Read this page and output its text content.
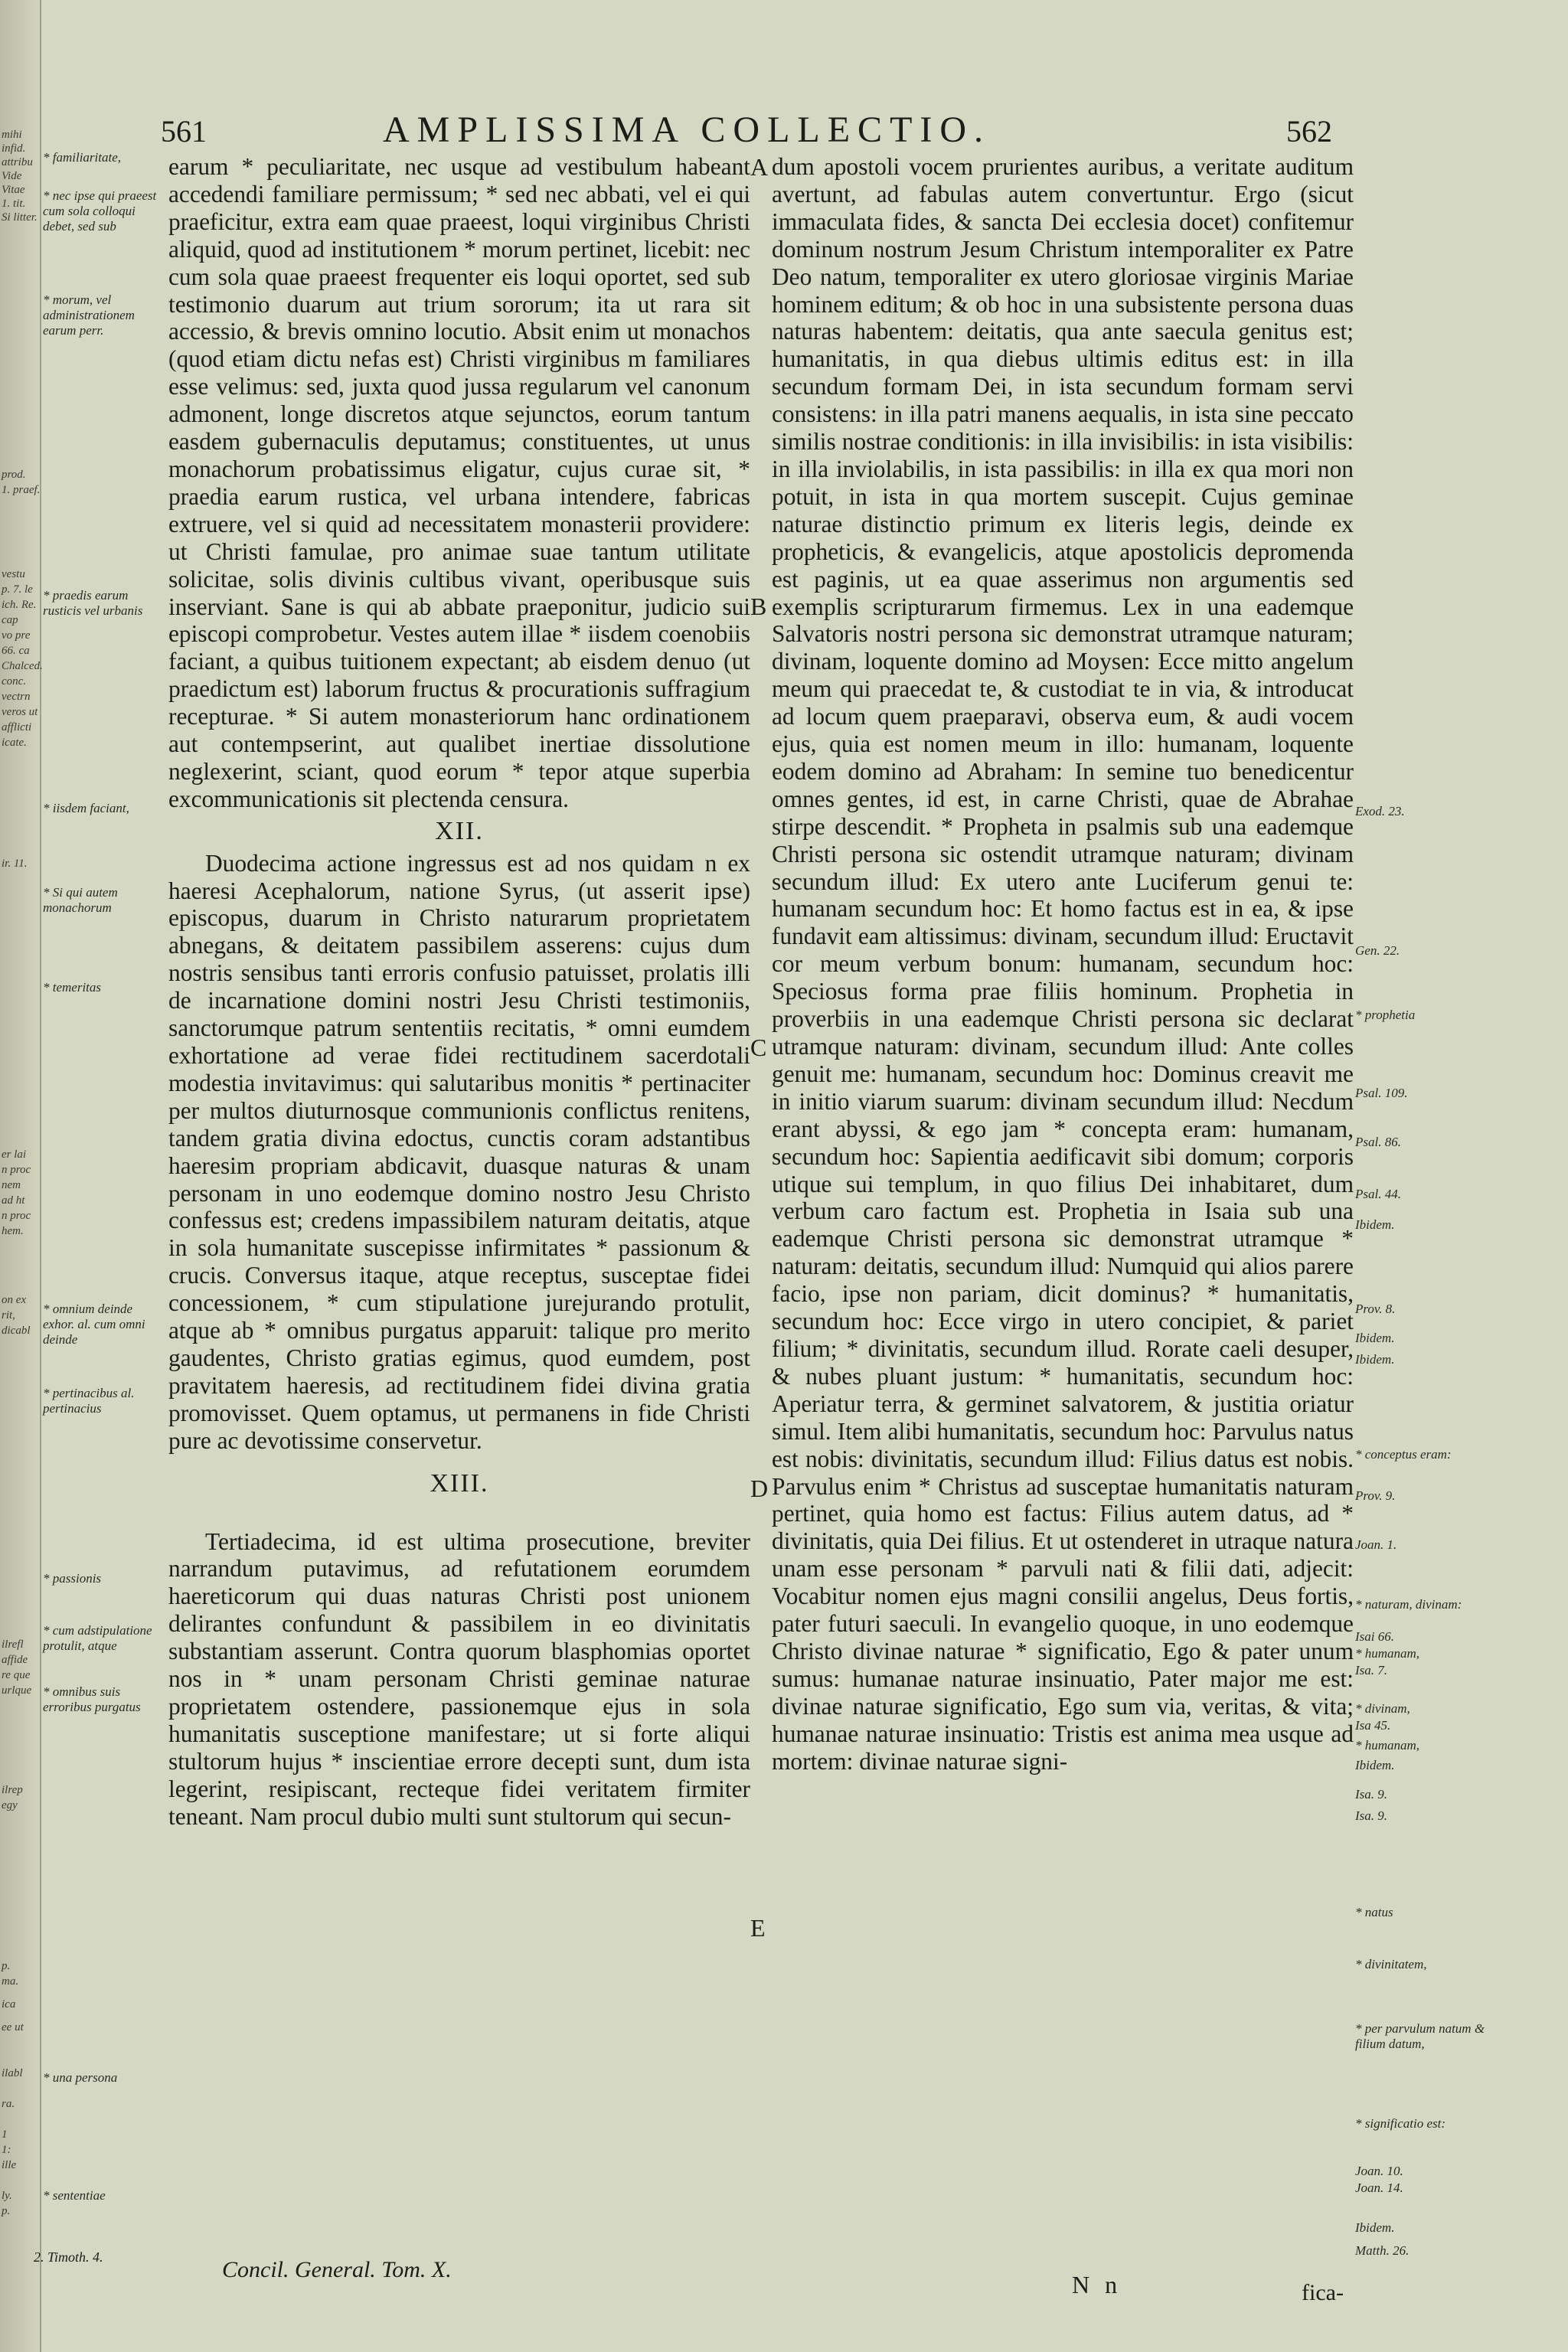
mihi
infid.
attribu
Vide
Vitae
1. tit.
Si litter.
prod.
1. praef.
vestu
p. 7. le
ich. Re.
cap
vo pre
66. ca
Chalced.
conc.
vectrn
veros ut
afflicti
icate.
ir. 11.
er lai
n proc
nem
ad ht
n proc
hem.
on ex
rit,
dicabl
ilrefl
affide
re que
urlque
ilrep
egy
p.
ma.
ica
ee ut
ilabl
ra.
1
1:
ille
ly.
p.
561	AMPLISSIMA COLLECTIO.	562
* familiaritate,
* nec ipse qui praeest cum sola colloqui debet, sed sub
* morum, vel administrationem earum perr.
* praedis earum rusticis vel urbanis
* iisdem faciant,
* Si qui autem monachorum
* temeritas
* omnium deinde exhor. al. cum omni deinde
* pertinacibus al. pertinacius
* passionis
* cum adstipulatione protulit, atque
* omnibus suis erroribus purgatus
* una persona
* sententiae
2. Timoth. 4.
A
B
C
D
E

earum * peculiaritate, nec usque ad vestibulum habeant accedendi familiare permissum; * sed nec abbati, vel ei qui praeficitur, extra eam quae praeest, loqui virginibus Christi aliquid, quod ad institutionem * morum pertinet, licebit: nec cum sola quae praeest frequenter eis loqui oportet, sed sub testimonio duarum aut trium sororum; ita ut rara sit accessio, & brevis omnino locutio. Absit enim ut monachos (quod etiam dictu nefas est) Christi virginibus m familiares esse velimus: sed, juxta quod jussa regularum vel canonum admonent, longe discretos atque sejunctos, eorum tantum easdem gubernaculis deputamus; constituentes, ut unus monachorum probatissimus eligatur, cujus curae sit, * praedia earum rustica, vel urbana intendere, fabricas extruere, vel si quid ad necessitatem monasterii providere: ut Christi famulae, pro animae suae tantum utilitate solicitae, solis divinis cultibus vivant, operibusque suis inserviant. Sane is qui ab abbate praeponitur, judicio sui episcopi comprobetur. Vestes autem illae * iisdem coenobiis faciant, a quibus tuitionem expectant; ab eisdem denuo (ut praedictum est) laborum fructus & procurationis suffragium recepturae. * Si autem monasteriorum hanc ordinationem aut contempserint, aut qualibet inertiae dissolutione neglexerint, sciant, quod eorum * tepor atque superbia excommunicationis sit plectenda censura.

XII.

Duodecima actione ingressus est ad nos quidam n ex haeresi Acephalorum, natione Syrus, (ut asserit ipse) episcopus, duarum in Christo naturarum proprietatem abnegans, & deitatem passibilem asserens: cujus dum nostris sensibus tanti erroris confusio patuisset, prolatis illi de incarnatione domini nostri Jesu Christi testimoniis, sanctorumque patrum sententiis recitatis, * omni eumdem exhortatione ad verae fidei rectitudinem sacerdotali modestia invitavimus: qui salutaribus monitis * pertinaciter per multos diuturnosque communionis conflictus renitens, tandem gratia divina edoctus, cunctis coram adstantibus haeresim propriam abdicavit, duasque naturas & unam personam in uno eodemque domino nostro Jesu Christo confessus est; credens impassibilem naturam deitatis, atque in sola humanitate suscepisse infirmitates * passionum & crucis. Conversus itaque, atque receptus, susceptae fidei concessionem, * cum stipulatione jurejurando protulit, atque ab * omnibus purgatus apparuit: talique pro merito gaudentes, Christo gratias egimus, quod eumdem, post pravitatem haeresis, ad rectitudinem fidei divina gratia promovisset. Quem optamus, ut permanens in fide Christi pure ac devotissime conservetur.

XIII.

Tertiadecima, id est ultima prosecutione, breviter narrandum putavimus, ad refutationem eorumdem haereticorum qui duas naturas Christi post unionem delirantes confundunt & passibilem in eo divinitatis substantiam asserunt. Contra quorum blasphomias oportet nos in * unam personam Christi geminae naturae proprietatem ostendere, passionemque ejus in sola humanitatis susceptione manifestare; ut si forte aliqui stultorum hujus * inscientiae errore decepti sunt, dum ista legerint, resipiscant, recteque fidei veritatem firmiter teneant. Nam procul dubio multi sunt stultorum qui secun-

dum apostoli vocem prurientes auribus, a veritate auditum avertunt, ad fabulas autem convertuntur. Ergo (sicut immaculata fides, & sancta Dei ecclesia docet) confitemur dominum nostrum Jesum Christum intemporaliter ex Patre Deo natum, temporaliter ex utero gloriosae virginis Mariae hominem editum; & ob hoc in una subsistente persona duas naturas habentem: deitatis, qua ante saecula genitus est; humanitatis, in qua diebus ultimis editus est: in illa secundum formam Dei, in ista secundum formam servi consistens: in illa patri manens aequalis, in ista sine peccato similis nostrae conditionis: in illa invisibilis: in ista visibilis: in illa inviolabilis, in ista passibilis: in illa ex qua mori non potuit, in ista in qua mortem suscepit. Cujus geminae naturae distinctio primum ex literis legis, deinde ex propheticis, & evangelicis, atque apostolicis depromenda est paginis, ut ea quae asserimus non argumentis sed exemplis scripturarum firmemus. Lex in una eademque Salvatoris nostri persona sic demonstrat utramque naturam; divinam, loquente domino ad Moysen: Ecce mitto angelum meum qui praecedat te, & custodiat te in via, & introducat ad locum quem praeparavi, observa eum, & audi vocem ejus, quia est nomen meum in illo: humanam, loquente eodem domino ad Abraham: In semine tuo benedicentur omnes gentes, id est, in carne Christi, quae de Abrahae stirpe descendit. * Propheta in psalmis sub una eademque Christi persona sic ostendit utramque naturam; divinam secundum illud: Ex utero ante Luciferum genui te: humanam secundum hoc: Et homo factus est in ea, & ipse fundavit eam altissimus: divinam, secundum illud: Eructavit cor meum verbum bonum: humanam, secundum hoc: Speciosus forma prae filiis hominum. Prophetia in proverbiis in una eademque Christi persona sic declarat utramque naturam: divinam, secundum illud: Ante colles genuit me: humanam, secundum hoc: Dominus creavit me in initio viarum suarum: divinam secundum illud: Necdum erant abyssi, & ego jam * concepta eram: humanam, secundum hoc: Sapientia aedificavit sibi domum; corporis utique sui templum, in quo filius Dei inhabitaret, dum verbum caro factum est. Prophetia in Isaia sub una eademque Christi persona sic demonstrat utramque * naturam: deitatis, secundum illud: Numquid qui alios parere facio, ipse non pariam, dicit dominus? * humanitatis, secundum hoc: Ecce virgo in utero concipiet, & pariet filium; * divinitatis, secundum illud. Rorate caeli desuper, & nubes pluant justum: * humanitatis, secundum hoc: Aperiatur terra, & germinet salvatorem, & justitia oriatur simul. Item alibi humanitatis, secundum hoc: Parvulus natus est nobis: divinitatis, secundum illud: Filius datus est nobis. Parvulus enim * Christus ad susceptae humanitatis naturam pertinet, quia homo est factus: Filius autem datus, ad * divinitatis, quia Dei filius. Et ut ostenderet in utraque natura unam esse personam * parvuli nati & filii dati, adjecit: Vocabitur nomen ejus magni consilii angelus, Deus fortis, pater futuri saeculi. In evangelio quoque, in uno eodemque Christo divinae naturae * significatio, Ego & pater unum sumus: humanae naturae insinuatio, Pater major me est: divinae naturae significatio, Ego sum via, veritas, & vita; humanae naturae insinuatio: Tristis est anima mea usque ad mortem: divinae naturae signi-

Exod. 23.
Gen. 22.
* prophetia
Psal. 109.
Psal. 86.
Psal. 44.
Ibidem.
Prov. 8.
Ibidem.
Ibidem.
* conceptus eram:
Prov. 9.
Joan. 1.
* naturam, divinam:
Isai 66.
* humanam,
Isa. 7.
* divinam,
Isa 45.
* humanam,
Ibidem.
Isa. 9.
Isa. 9.
* natus
* divinitatem,
* per parvulum natum & filium datum,
* significatio est:
Joan. 10.
Joan. 14.
Ibidem.
Matth. 26.
Concil. General. Tom. X.
N n	fica-
